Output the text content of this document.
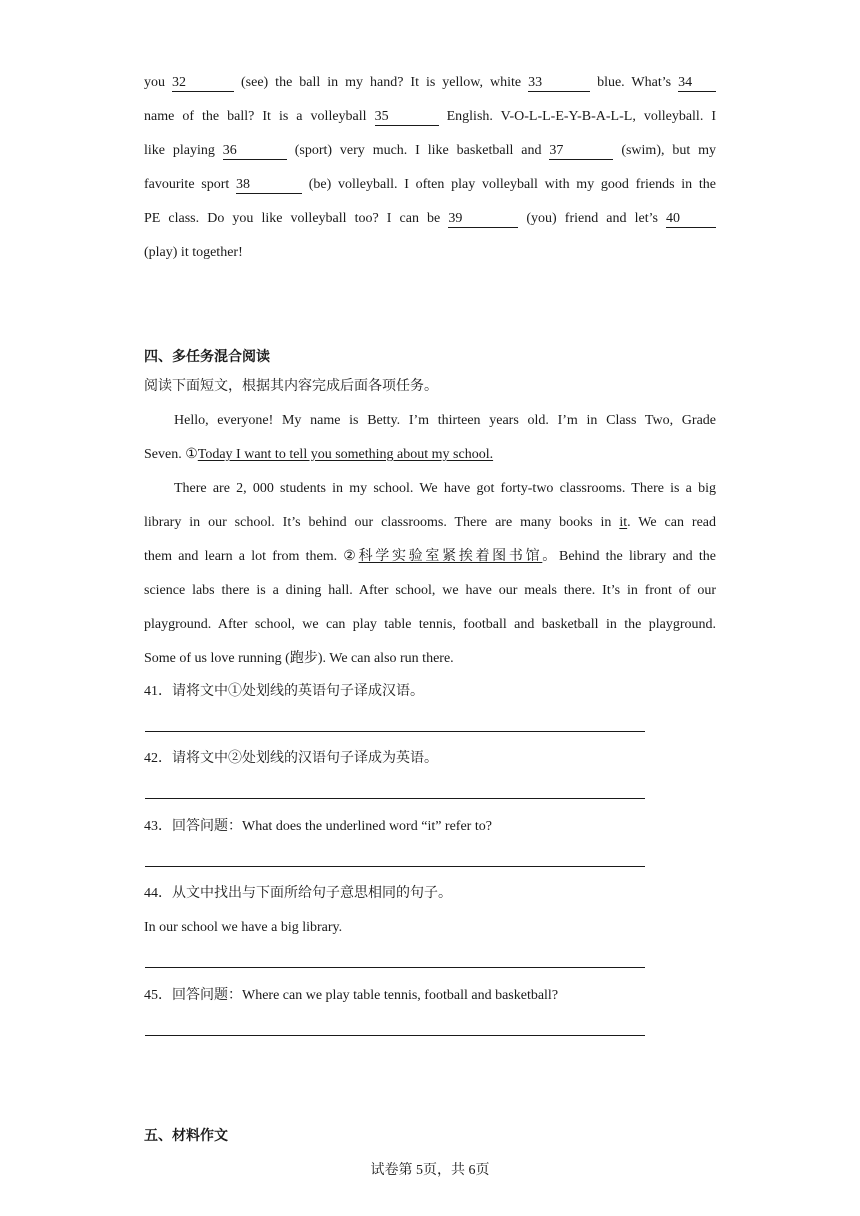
you 32	(see) the ball in my hand? It is yellow, white 33	blue. What’s 34
name of the ball? It is a volleyball 35	English. V-O-L-L-E-Y-B-A-L-L, volleyball. I
like playing 36	(sport) very much. I like basketball and 37	(swim), but my
favourite sport 38	(be) volleyball. I often play volleyball with my good friends in the
PE class. Do you like volleyball too? I can be 39	(you) friend and let’s 40
(play) it together!
四、多任务混合阅读
阅读下面短文，根据其内容完成后面各项任务。
Hello, everyone! My name is Betty. I’m thirteen years old. I’m in Class Two, Grade
Seven. ①Today I want to tell you something about my school.
There are 2, 000 students in my school. We have got forty-two classrooms. There is a big
library in our school. It’s behind our classrooms. There are many books in it. We can read
them and learn a lot from them. ②科学实验室紧挨着图书馆。Behind the library and the
science labs there is a dining hall. After school, we have our meals there. It’s in front of our
playground. After school, we can play table tennis, football and basketball in the playground.
Some of us love running (跑步). We can also run there.
41．请将文中①处划线的英语句子译成汉语。
42．请将文中②处划线的汉语句子译成为英语。
43．回答问题：What does the underlined word “it” refer to?
44．从文中找出与下面所给句子意思相同的句子。
In our school we have a big library.
45．回答问题：Where can we play table tennis, football and basketball?
五、材料作文
试卷第 5页，共 6页
